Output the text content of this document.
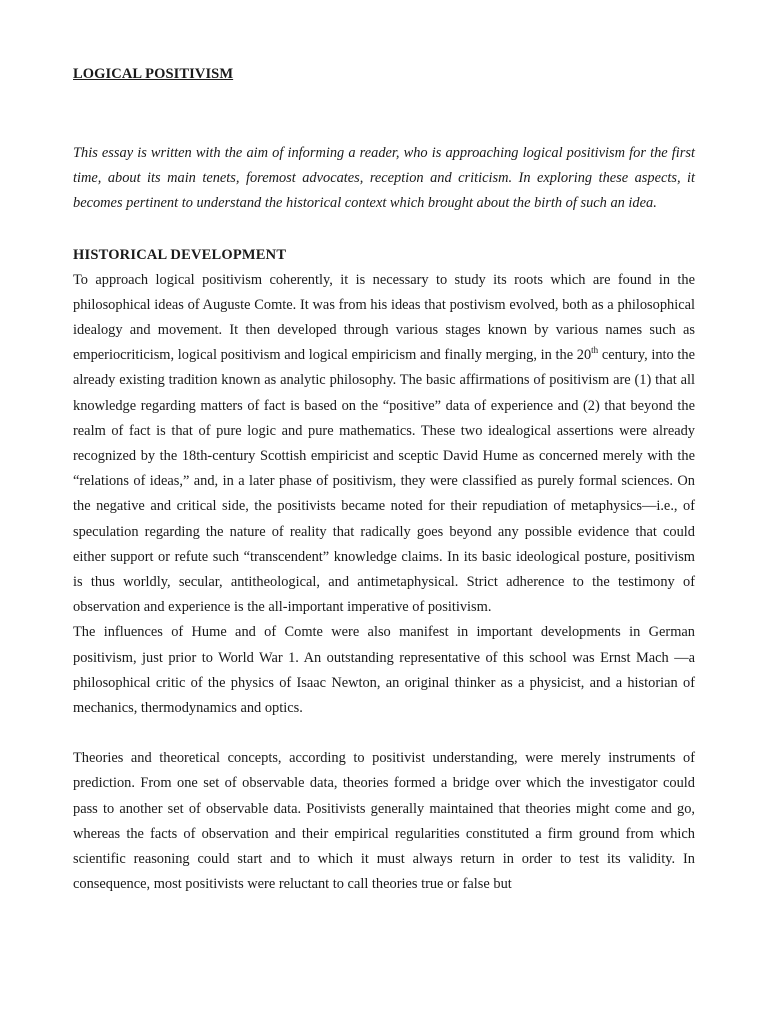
LOGICAL POSITIVISM

This essay is written with the aim of informing a reader, who is approaching logical positivism for the first time, about its main tenets, foremost advocates, reception and criticism. In exploring these aspects, it becomes pertinent to understand the historical context which brought about the birth of such an idea.

HISTORICAL DEVELOPMENT

To approach logical positivism coherently, it is necessary to study its roots which are found in the philosophical ideas of Auguste Comte. It was from his ideas that postivism evolved, both as a philosophical idealogy and movement. It then developed through various stages known by various names such as emperiocriticism, logical positivism and logical empiricism and finally merging, in the 20th century, into the already existing tradition known as analytic philosophy. The basic affirmations of positivism are (1) that all knowledge regarding matters of fact is based on the “positive” data of experience and (2) that beyond the realm of fact is that of pure logic and pure mathematics. These two idealogical assertions were already recognized by the 18th-century Scottish empiricist and sceptic David Hume as concerned merely with the “relations of ideas,” and, in a later phase of positivism, they were classified as purely formal sciences. On the negative and critical side, the positivists became noted for their repudiation of metaphysics—i.e., of speculation regarding the nature of reality that radically goes beyond any possible evidence that could either support or refute such “transcendent” knowledge claims. In its basic ideological posture, positivism is thus worldly, secular, antitheological, and antimetaphysical. Strict adherence to the testimony of observation and experience is the all-important imperative of positivism.

The influences of Hume and of Comte were also manifest in important developments in German positivism, just prior to World War 1. An outstanding representative of this school was Ernst Mach —a philosophical critic of the physics of Isaac Newton, an original thinker as a physicist, and a historian of mechanics, thermodynamics and optics.

Theories and theoretical concepts, according to positivist understanding, were merely instruments of prediction. From one set of observable data, theories formed a bridge over which the investigator could pass to another set of observable data. Positivists generally maintained that theories might come and go, whereas the facts of observation and their empirical regularities constituted a firm ground from which scientific reasoning could start and to which it must always return in order to test its validity. In consequence, most positivists were reluctant to call theories true or false but
